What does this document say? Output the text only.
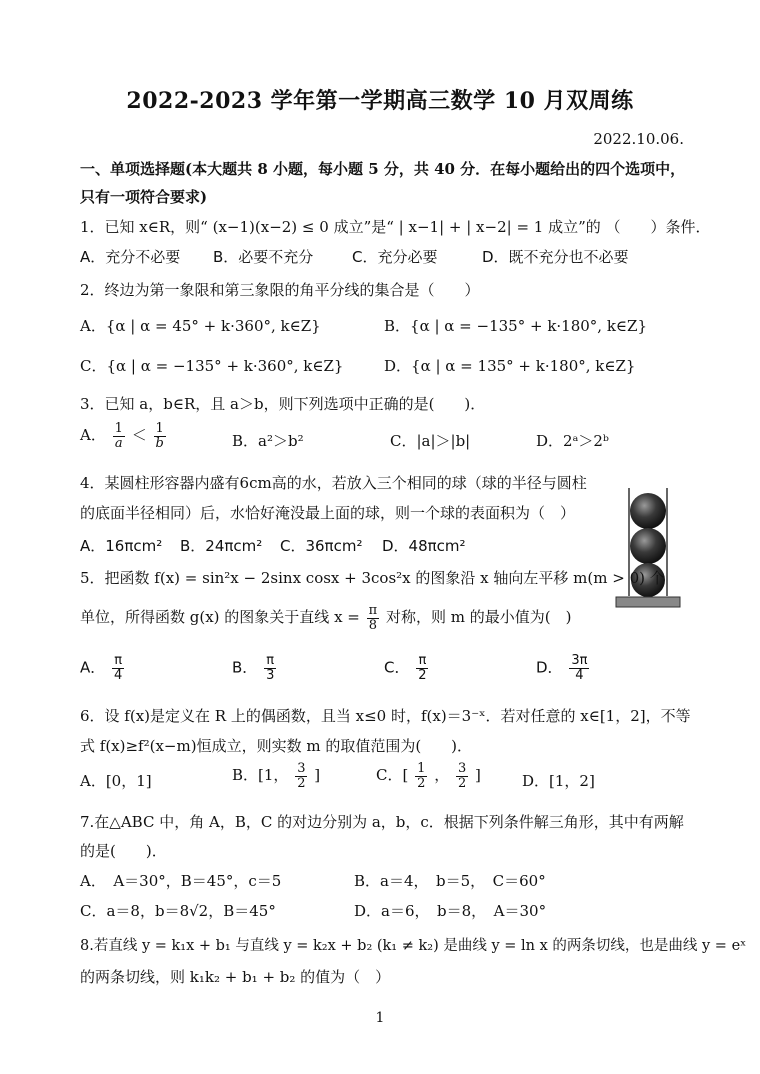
2022-2023 学年第一学期高三数学 10 月双周练
2022.10.06.
一、单项选择题(本大题共 8 小题，每小题 5 分，共 40 分．在每小题给出的四个选项中，
只有一项符合要求)
1．已知 x∈R，则“ (x−1)(x−2) ≤ 0 成立”是“ | x−1| + | x−2| = 1 成立”的 （　　）条件．
A．充分不必要 B．必要不充分	C．充分必要	D．既不充分也不必要
2．终边为第一象限和第三象限的角平分线的集合是（　　）
A．{α | α = 45° + k·360°, k∈Z}	B．{α | α = −135° + k·180°, k∈Z}
C．{α | α = −135° + k·360°, k∈Z}	D．{α | α = 135° + k·180°, k∈Z}
3．已知 a，b∈R，且 a＞b，则下列选项中正确的是(　　)．
A． $\frac{1}{a} < \frac{1}{b}$	B．a²＞b²	C．|a|＞|b|	D．2ᵃ＞2ᵇ
4．某圆柱形容器内盛有6cm高的水，若放入三个相同的球（球的半径与圆柱
的底面半径相同）后，水恰好淹没最上面的球，则一个球的表面积为（　）
A．16πcm² B．24πcm² C．36πcm² D．48πcm²
5．把函数 f(x) = sin²x − 2sinx cosx + 3cos²x 的图象沿 x 轴向左平移 m(m > 0) 个
单位，所得函数 g(x) 的图象关于直线 $x = \frac{\pi}{8}$ 对称，则 m 的最小值为(　)
A． $\frac{\pi}{4}$	B． $\frac{\pi}{3}$	C． $\frac{\pi}{2}$	D． $\frac{3\pi}{4}$
6．设 f(x)是定义在 R 上的偶函数，且当 x≤0 时，f(x)＝3⁻ˣ．若对任意的 x∈[1，2]，不等
式 f(x)≥f²(x−m)恒成立，则实数 m 的取值范围为(　　)．
A．[0，1]	B．[1， $\frac{3}{2}$ ]	C．[ $\frac{1}{2}$ ， $\frac{3}{2}$ ]	D．[1，2]
7.在△ABC 中，角 A，B，C 的对边分别为 a，b，c．根据下列条件解三角形，其中有两解
的是(　　)．
A．　A＝30°，B＝45°，c＝5	B．a＝4，　b＝5，　C＝60°
C．a＝8，b＝8√2，B＝45°	D．a＝6，　b＝8，　A＝30°
8.若直线 y = k₁x + b₁ 与直线 y = k₂x + b₂ (k₁ ≠ k₂) 是曲线 y = ln x 的两条切线，也是曲线 y = eˣ
的两条切线，则 k₁k₂ + b₁ + b₂ 的值为（　）
1
